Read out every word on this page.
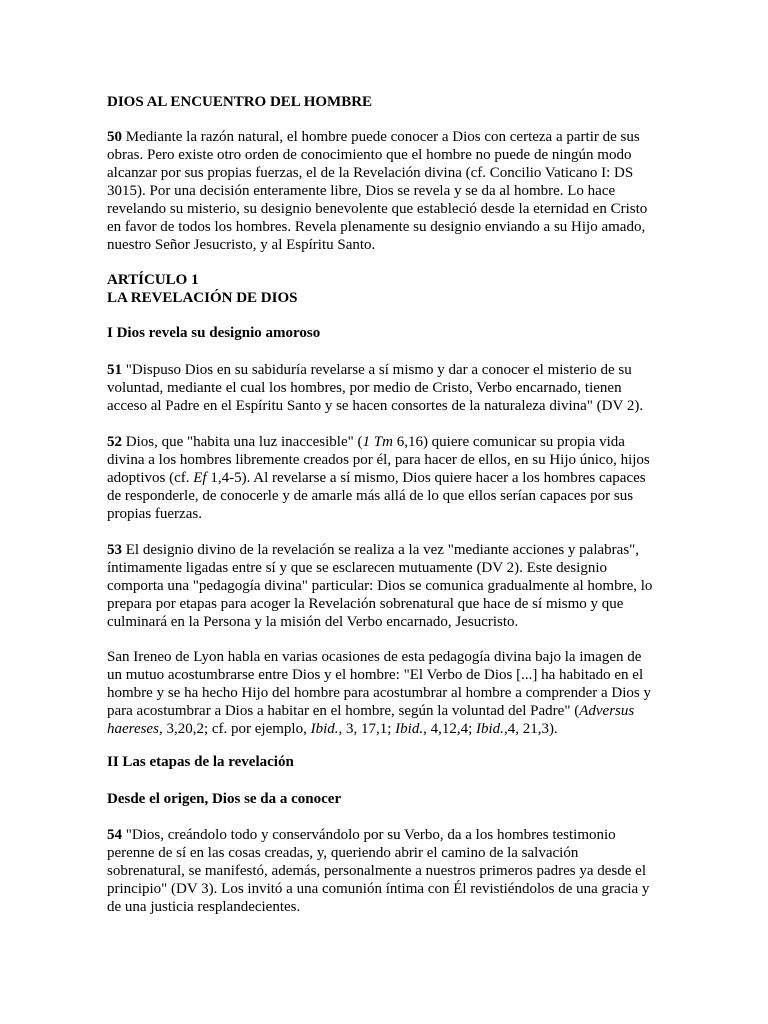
DIOS AL ENCUENTRO DEL HOMBRE
50 Mediante la razón natural, el hombre puede conocer a Dios con certeza a partir de sus
obras. Pero existe otro orden de conocimiento que el hombre no puede de ningún modo
alcanzar por sus propias fuerzas, el de la Revelación divina (cf. Concilio Vaticano I: DS
3015). Por una decisión enteramente libre, Dios se revela y se da al hombre. Lo hace
revelando su misterio, su designio benevolente que estableció desde la eternidad en Cristo
en favor de todos los hombres. Revela plenamente su designio enviando a su Hijo amado,
nuestro Señor Jesucristo, y al Espíritu Santo.
ARTÍCULO 1
LA REVELACIÓN DE DIOS
I Dios revela su designio amoroso
51 "Dispuso Dios en su sabiduría revelarse a sí mismo y dar a conocer el misterio de su
voluntad, mediante el cual los hombres, por medio de Cristo, Verbo encarnado, tienen
acceso al Padre en el Espíritu Santo y se hacen consortes de la naturaleza divina" (DV 2).
52 Dios, que "habita una luz inaccesible" (1 Tm 6,16) quiere comunicar su propia vida
divina a los hombres libremente creados por él, para hacer de ellos, en su Hijo único, hijos
adoptivos (cf. Ef 1,4-5). Al revelarse a sí mismo, Dios quiere hacer a los hombres capaces
de responderle, de conocerle y de amarle más allá de lo que ellos serían capaces por sus
propias fuerzas.
53 El designio divino de la revelación se realiza a la vez "mediante acciones y palabras",
íntimamente ligadas entre sí y que se esclarecen mutuamente (DV 2). Este designio
comporta una "pedagogía divina" particular: Dios se comunica gradualmente al hombre, lo
prepara por etapas para acoger la Revelación sobrenatural que hace de sí mismo y que
culminará en la Persona y la misión del Verbo encarnado, Jesucristo.
San Ireneo de Lyon habla en varias ocasiones de esta pedagogía divina bajo la imagen de
un mutuo acostumbrarse entre Dios y el hombre: "El Verbo de Dios [...] ha habitado en el
hombre y se ha hecho Hijo del hombre para acostumbrar al hombre a comprender a Dios y
para acostumbrar a Dios a habitar en el hombre, según la voluntad del Padre" (Adversus
haereses, 3,20,2; cf. por ejemplo, Ibid., 3, 17,1; Ibid., 4,12,4; Ibid.,4, 21,3).
II Las etapas de la revelación
Desde el origen, Dios se da a conocer
54 "Dios, creándolo todo y conservándolo por su Verbo, da a los hombres testimonio
perenne de sí en las cosas creadas, y, queriendo abrir el camino de la salvación
sobrenatural, se manifestó, además, personalmente a nuestros primeros padres ya desde el
principio" (DV 3). Los invitó a una comunión íntima con Él revistiéndolos de una gracia y
de una justicia resplandecientes.
